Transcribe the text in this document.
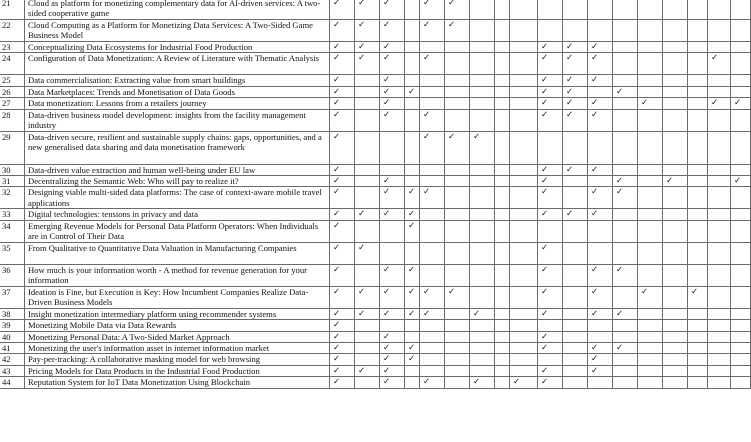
21	Cloud as platform for monetizing complementary data for AI-driven services: A two-sided cooperative game	✓	✓	✓		✓	✓												
22	Cloud Computing as a Platform for Monetizing Data Services: A Two-Sided Game Business Model	✓	✓	✓		✓	✓												
23	Conceptualizing Data Ecosystems for Industrial Food Production	✓	✓	✓							✓	✓	✓						
24	Configuration of Data Monetization: A Review of Literature with Thematic Analysis	✓	✓	✓		✓					✓	✓	✓					✓	
25	Data commercialisation: Extracting value from smart buildings	✓		✓							✓	✓	✓						
26	Data Marketplaces: Trends and Monetisation of Data Goods	✓		✓	✓						✓	✓		✓					
27	Data monetization: Lessons from a retailers journey	✓		✓							✓	✓	✓		✓			✓	✓
28	Data-driven business model development: insights from the facility management industry	✓		✓		✓					✓	✓	✓						
29	Data-driven secure, resilient and sustainable supply chains: gaps, opportunities, and a new generalised data sharing and data monetisation framework	✓				✓	✓	✓											
30	Data-driven value extraction and human well-being under EU law	✓									✓	✓	✓						
31	Decentralizing the Semantic Web: Who will pay to realize it?	✓		✓							✓			✓		✓			✓
32	Designing viable multi-sided data platforms: The case of context-aware mobile travel applications	✓		✓	✓	✓					✓		✓	✓					
33	Digital technologies: tensions in privacy and data	✓	✓	✓	✓						✓	✓	✓						
34	Emerging Revenue Models for Personal Data Platform Operators: When Individuals are in Control of Their Data	✓			✓														
35	From Qualitative to Quantitative Data Valuation in Manufacturing Companies	✓	✓								✓								
36	How much is your information worth - A method for revenue generation for your information	✓		✓	✓						✓		✓	✓					
37	Ideation is Fine, but Execution is Key: How Incumbent Companies Realize Data-Driven Business Models	✓	✓	✓	✓	✓	✓				✓		✓		✓		✓		
38	Insight monetization intermediary platform using recommender systems	✓	✓	✓	✓	✓		✓			✓		✓	✓					
39	Monetizing Mobile Data via Data Rewards	✓																	
40	Monetizing Personal Data: A Two-Sided Market Approach	✓		✓							✓								
41	Monetizing the user's information asset in internet information market	✓		✓	✓						✓		✓	✓					
42	Pay-per-tracking: A collaborative masking model for web browsing	✓		✓	✓								✓						
43	Pricing Models for Data Products in the Industrial Food Production	✓	✓	✓							✓		✓						
44	Reputation System for IoT Data Monetization Using Blockchain	✓		✓		✓		✓		✓	✓								
